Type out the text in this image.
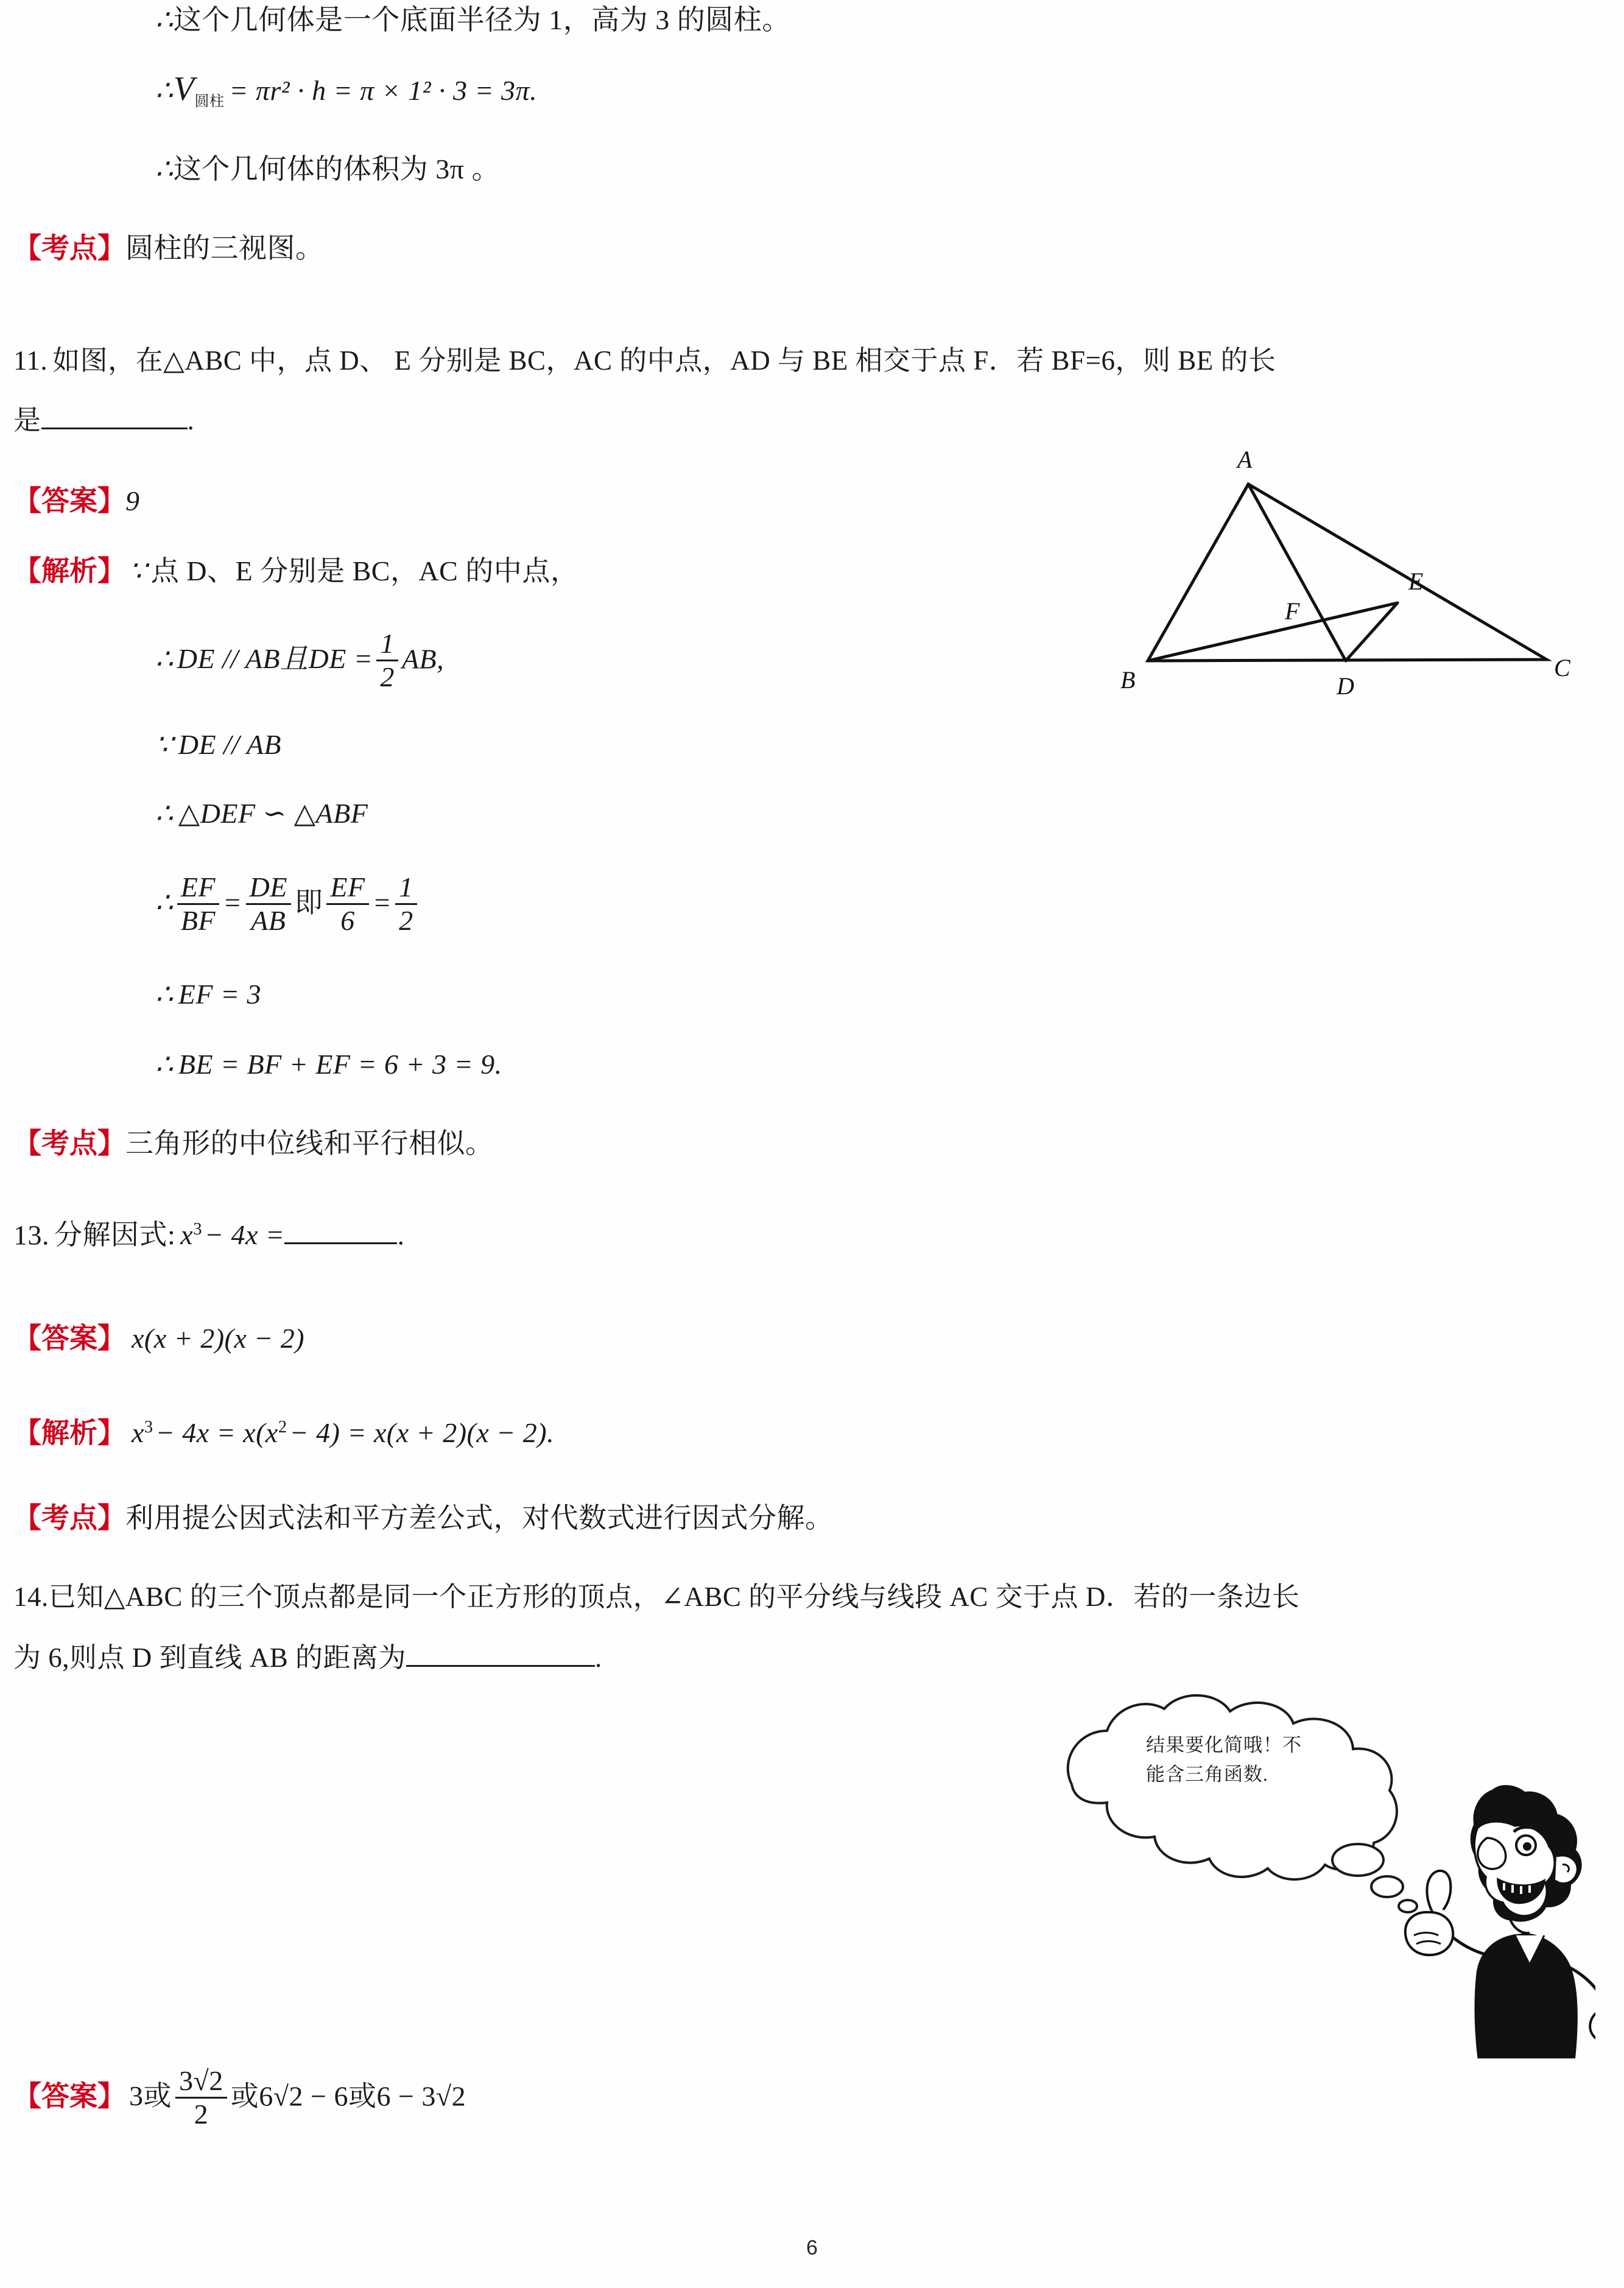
∴这个几何体是一个底面半径为 1，高为 3 的圆柱。
$\therefore V_{圆柱} = \pi r^2 \cdot h = \pi \times 1^2 \cdot 3 = 3\pi$.
∴这个几何体的体积为 3π 。
【考点】圆柱的三视图。
11. 如图，在△ABC 中，点 D、 E 分别是 BC，AC 的中点，AD 与 BE 相交于点 F．若 BF=6，则 BE 的长
是	.
【答案】9
【解析】 ∵ 点 D、E 分别是 BC，AC 的中点，
∴ DE // AB且DE = $\frac{1}{2}$ AB,
∵ DE // AB
∴ △DEF ∽ △ABF
∴ $\frac{EF}{BF} = \frac{DE}{AB}$ 即 $\frac{EF}{6} = \frac{1}{2}$
∴ EF = 3
∴ BE = BF + EF = 6 + 3 = 9.
【考点】三角形的中位线和平行相似。
A
B	C
D
E
F
13. 分解因式: $x^3- 4x$ =	.
【答案】 x(x + 2)(x − 2)
【解析】 $x^3- 4x = x(x^2- 4) = x(x + 2)(x - 2)$.
【考点】利用提公因式法和平方差公式，对代数式进行因式分解。
14.已知△ABC 的三个顶点都是同一个正方形的顶点，∠ABC 的平分线与线段 AC 交于点 D．若的一条边长
为 6,则点 D 到直线 AB 的距离为	.
结果要化简哦！不
能含三角函数.
【答案】 3或 $\frac{3√2}{2}$ 或6√2 − 6或6 − 3√2
6
